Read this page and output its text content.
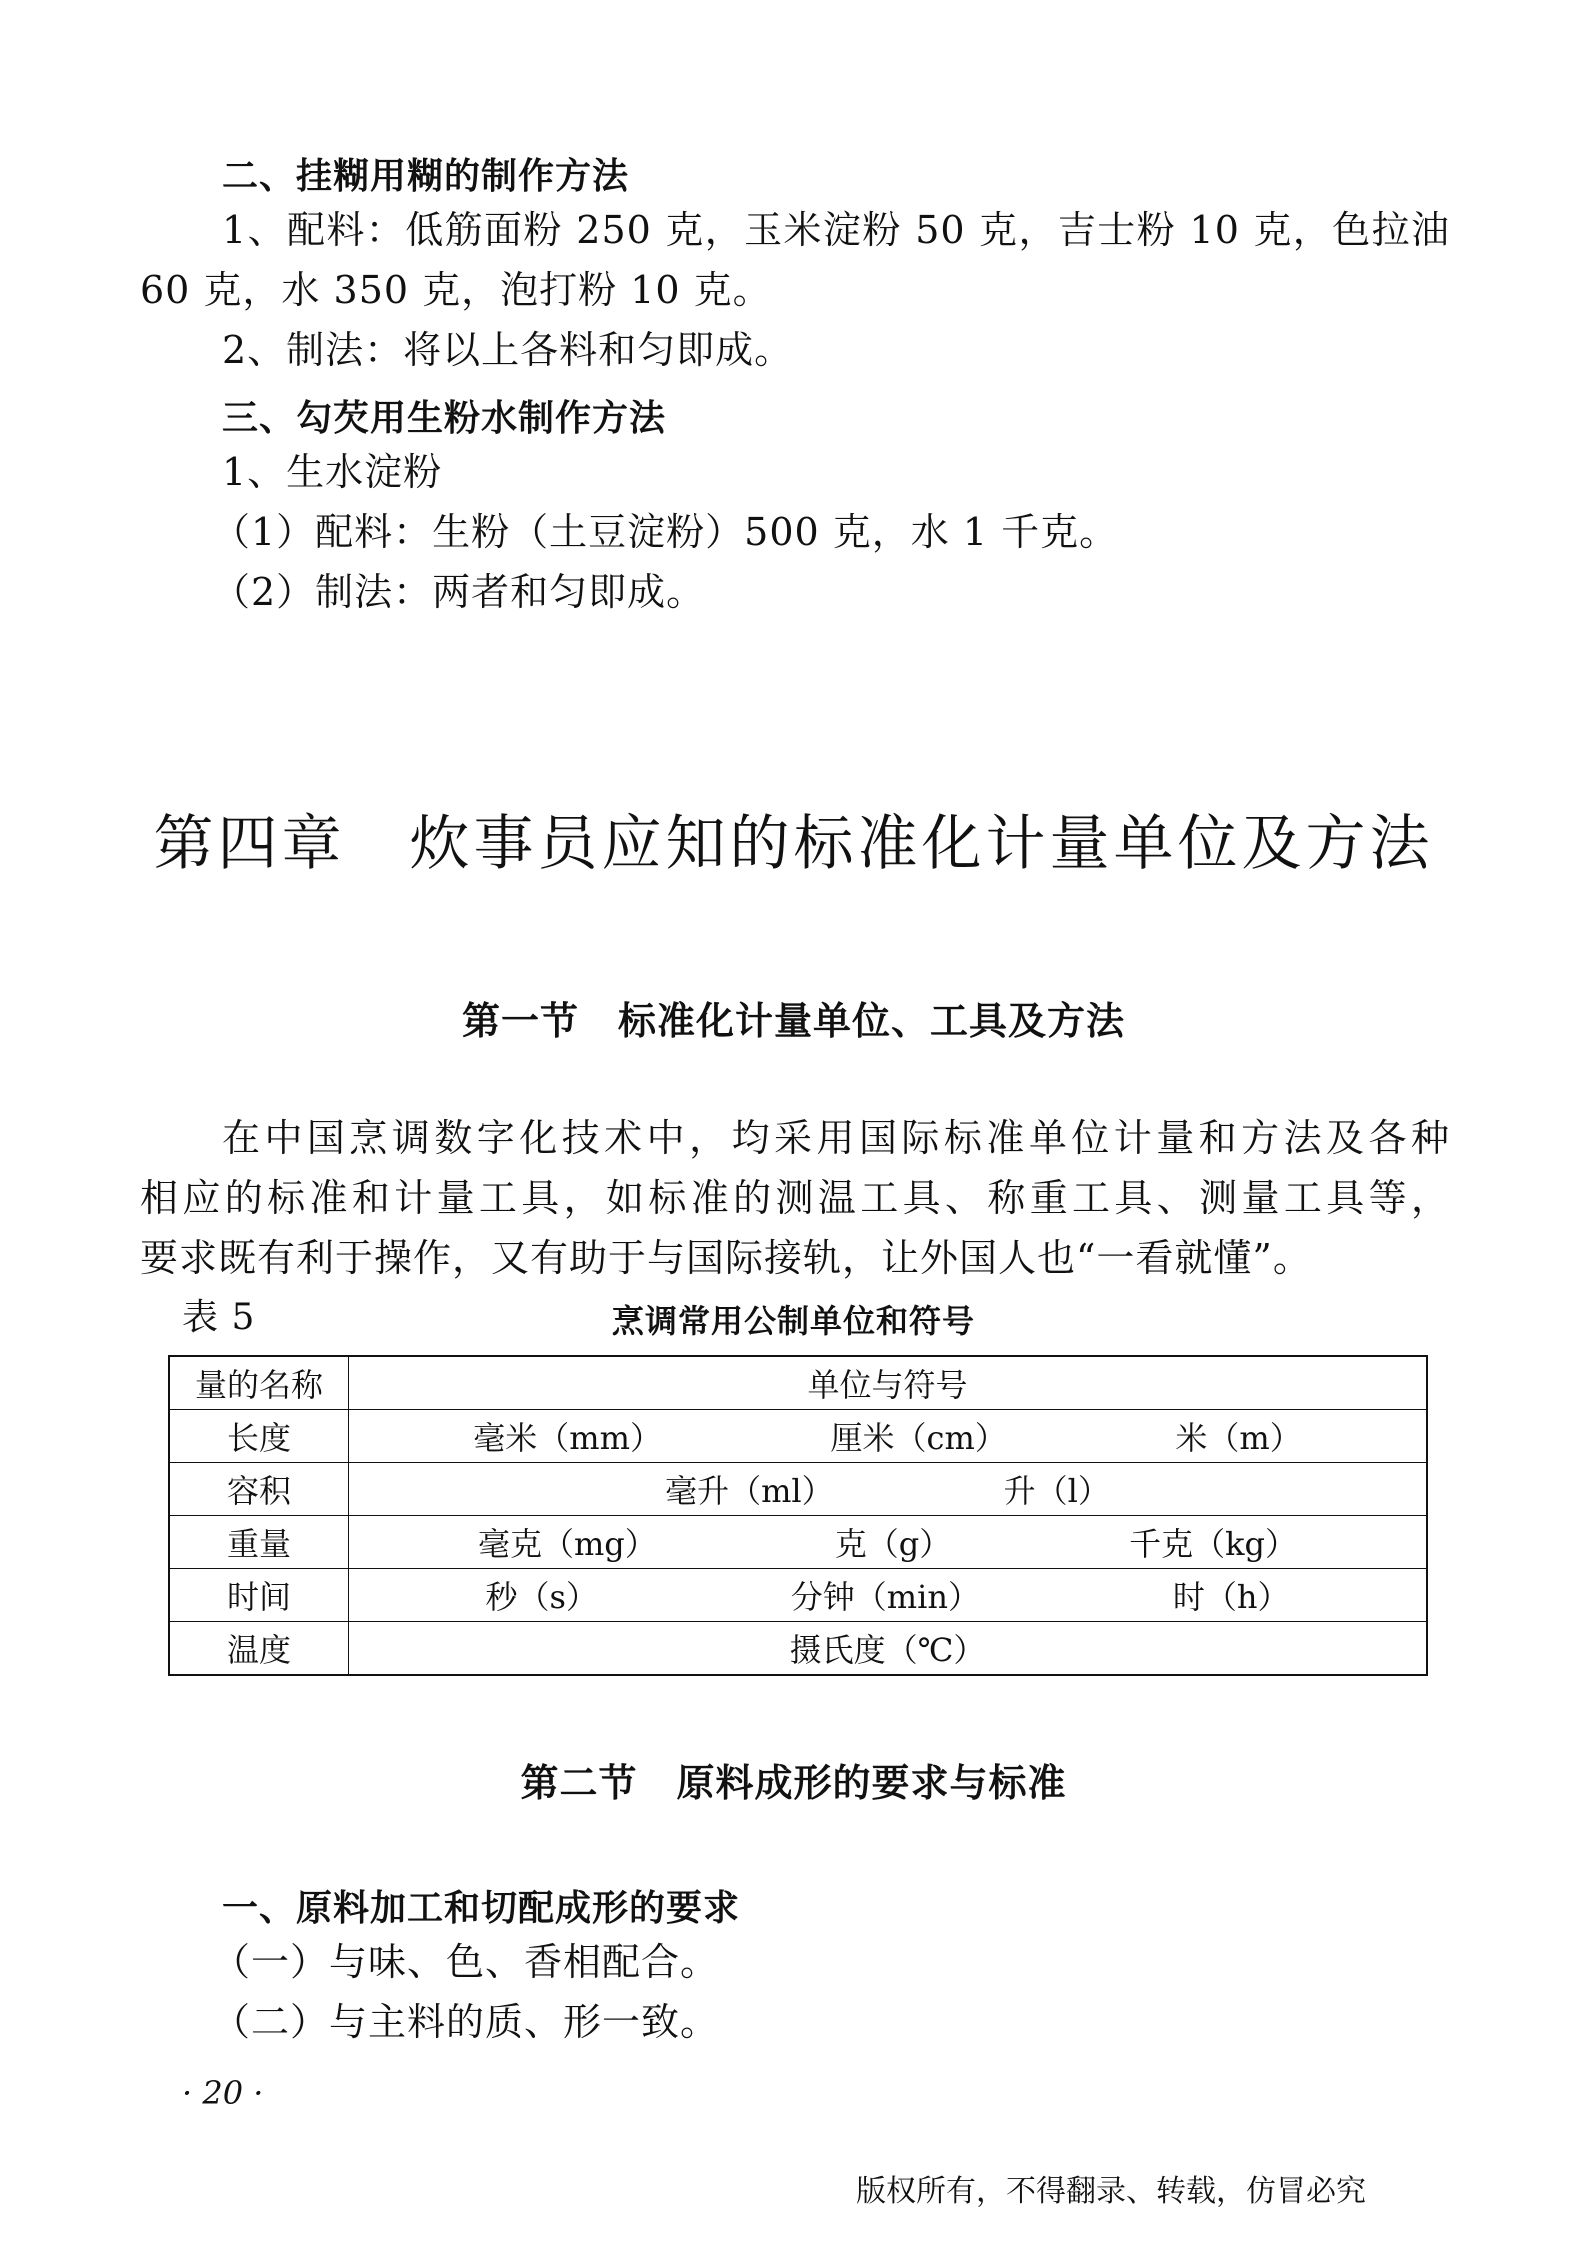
二、挂糊用糊的制作方法
1、配料：低筋面粉 250 克，玉米淀粉 50 克，吉士粉 10 克，色拉油
60 克，水 350 克，泡打粉 10 克。
2、制法：将以上各料和匀即成。
三、勾芡用生粉水制作方法
1、生水淀粉
（1）配料：生粉（土豆淀粉）500 克，水 1 千克。
（2）制法：两者和匀即成。
第四章　炊事员应知的标准化计量单位及方法
第一节　标准化计量单位、工具及方法
在中国烹调数字化技术中，均采用国际标准单位计量和方法及各种
相应的标准和计量工具，如标准的测温工具、称重工具、测量工具等，
要求既有利于操作，又有助于与国际接轨，让外国人也“一看就懂”。
表 5	烹调常用公制单位和符号
量的名称	单位与符号
长度	毫米（mm） 厘米（cm） 米（m）

容积	毫升（ml） 升（l）

重量	毫克（mg） 克（g） 千克（kg）

时间	秒（s） 分钟（min） 时（h）

温度	摄氏度（℃）
第二节　原料成形的要求与标准
一、原料加工和切配成形的要求
（一）与味、色、香相配合。
（二）与主料的质、形一致。
· 20 ·
版权所有，不得翻录、转载，仿冒必究
